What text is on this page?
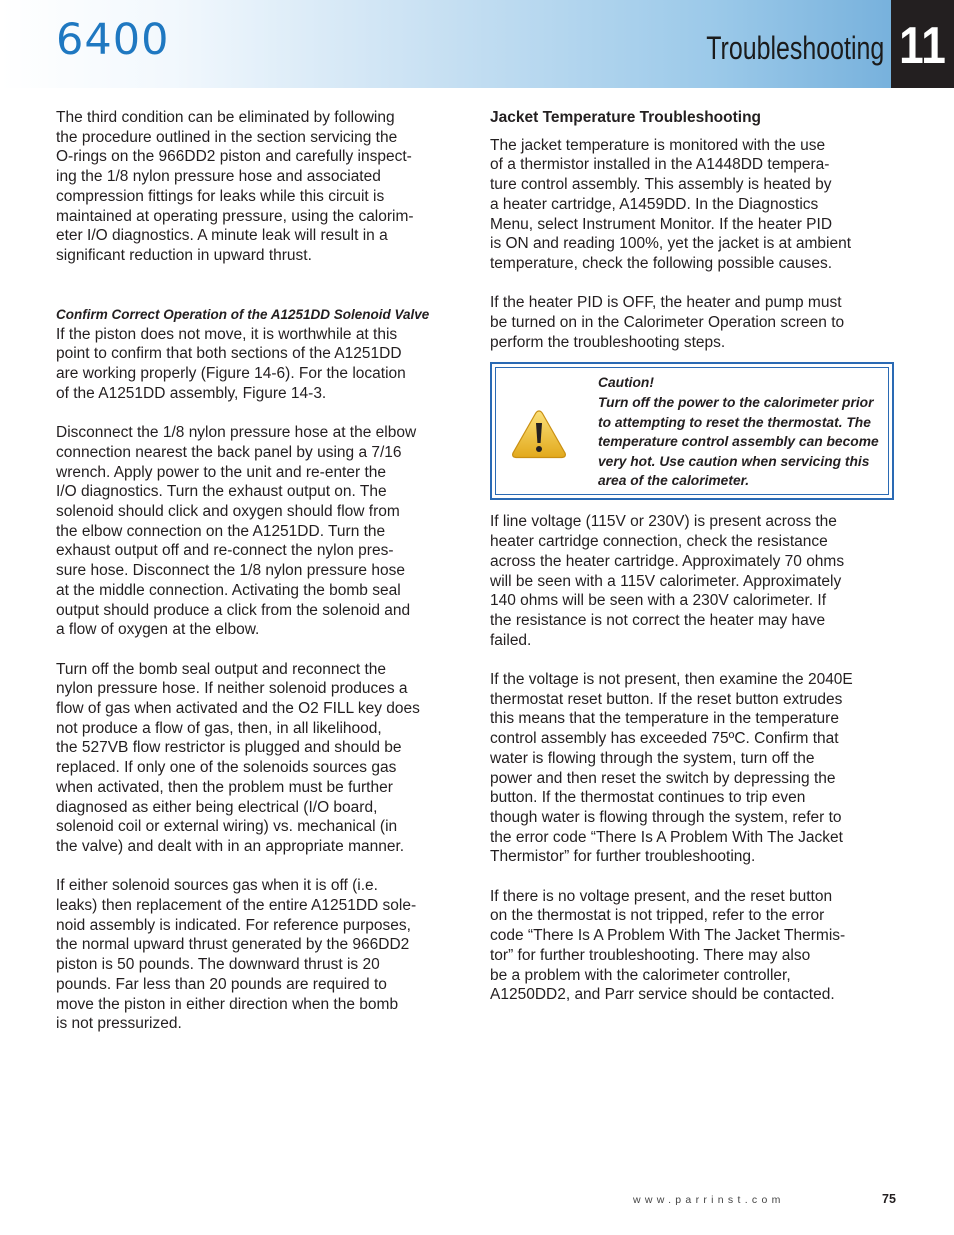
6400	Troubleshooting 11

The third condition can be eliminated by following
the procedure outlined in the section servicing the
O-rings on the 966DD2 piston and carefully inspect-
ing the 1/8 nylon pressure hose and associated
compression fittings for leaks while this circuit is
maintained at operating pressure, using the calorim-
eter I/O diagnostics. A minute leak will result in a
significant reduction in upward thrust.

Confirm Correct Operation of the A1251DD Solenoid Valve

If the piston does not move, it is worthwhile at this
point to confirm that both sections of the A1251DD
are working properly (Figure 14-6). For the location
of the A1251DD assembly, Figure 14-3.

Disconnect the 1/8 nylon pressure hose at the elbow
connection nearest the back panel by using a 7/16
wrench. Apply power to the unit and re-enter the
I/O diagnostics. Turn the exhaust output on. The
solenoid should click and oxygen should flow from
the elbow connection on the A1251DD. Turn the
exhaust output off and re-connect the nylon pres-
sure hose. Disconnect the 1/8 nylon pressure hose
at the middle connection. Activating the bomb seal
output should produce a click from the solenoid and
a flow of oxygen at the elbow.

Turn off the bomb seal output and reconnect the
nylon pressure hose. If neither solenoid produces a
flow of gas when activated and the O2 FILL key does
not produce a flow of gas, then, in all likelihood,
the 527VB flow restrictor is plugged and should be
replaced. If only one of the solenoids sources gas
when activated, then the problem must be further
diagnosed as either being electrical (I/O board,
solenoid coil or external wiring) vs. mechanical (in
the valve) and dealt with in an appropriate manner.

If either solenoid sources gas when it is off (i.e.
leaks) then replacement of the entire A1251DD sole-
noid assembly is indicated. For reference purposes,
the normal upward thrust generated by the 966DD2
piston is 50 pounds. The downward thrust is 20
pounds. Far less than 20 pounds are required to
move the piston in either direction when the bomb
is not pressurized.

Jacket Temperature Troubleshooting

The jacket temperature is monitored with the use
of a thermistor installed in the A1448DD tempera-
ture control assembly. This assembly is heated by
a heater cartridge, A1459DD. In the Diagnostics
Menu, select Instrument Monitor. If the heater PID
is ON and reading 100%, yet the jacket is at ambient
temperature, check the following possible causes.

If the heater PID is OFF, the heater and pump must
be turned on in the Calorimeter Operation screen to
perform the troubleshooting steps.

Caution!
Turn off the power to the calorimeter prior
to attempting to reset the thermostat. The
temperature control assembly can become
very hot. Use caution when servicing this
area of the calorimeter.

If line voltage (115V or 230V) is present across the
heater cartridge connection, check the resistance
across the heater cartridge. Approximately 70 ohms
will be seen with a 115V calorimeter. Approximately
140 ohms will be seen with a 230V calorimeter. If
the resistance is not correct the heater may have
failed.

If the voltage is not present, then examine the 2040E
thermostat reset button. If the reset button extrudes
this means that the temperature in the temperature
control assembly has exceeded 75ºC. Confirm that
water is flowing through the system, turn off the
power and then reset the switch by depressing the
button. If the thermostat continues to trip even
though water is flowing through the system, refer to
the error code “There Is A Problem With The Jacket
Thermistor” for further troubleshooting.

If there is no voltage present, and the reset button
on the thermostat is not tripped, refer to the error
code “There Is A Problem With The Jacket Thermis-
tor” for further troubleshooting. There may also
be a problem with the calorimeter controller,
A1250DD2, and Parr service should be contacted.

www.parrinst.com	75
